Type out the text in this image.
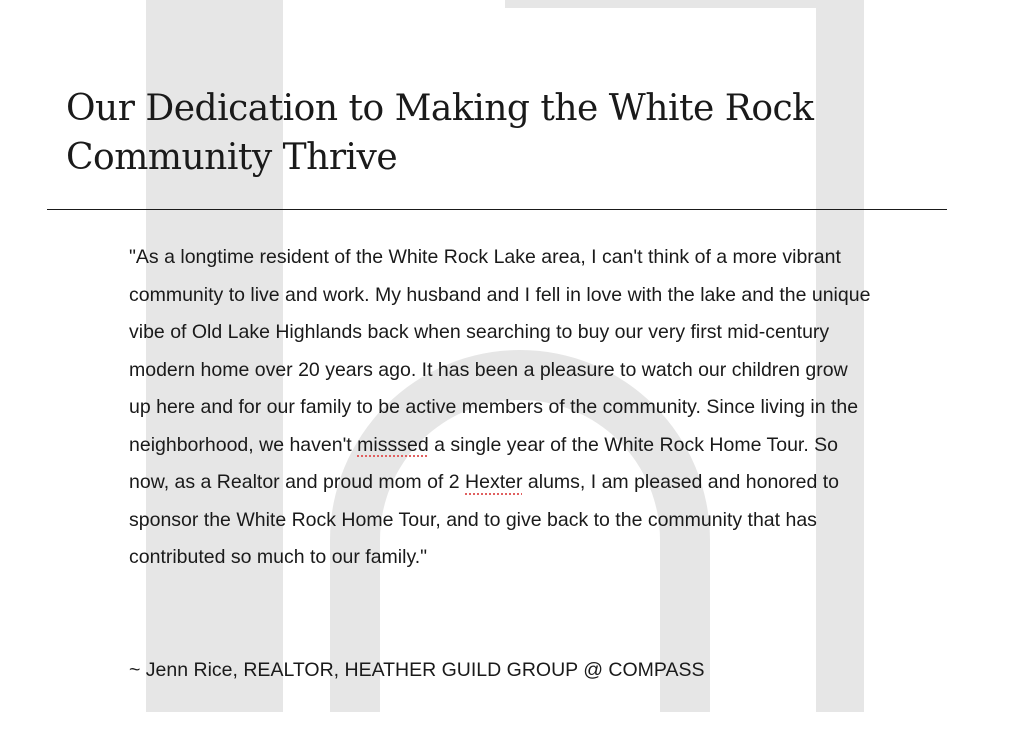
Our Dedication to Making the White Rock Community Thrive

"As a longtime resident of the White Rock Lake area, I can't think of a more vibrant community to live and work. My husband and I fell in love with the lake and the unique vibe of Old Lake Highlands back when searching to buy our very first mid-century modern home over 20 years ago. It has been a pleasure to watch our children grow up here and for our family to be active members of the community. Since living in the neighborhood, we haven't misssed a single year of the White Rock Home Tour. So now, as a Realtor and proud mom of 2 Hexter alums, I am pleased and honored to sponsor the White Rock Home Tour, and to give back to the community that has contributed so much to our family."

~ Jenn Rice, REALTOR, HEATHER GUILD GROUP @ COMPASS
